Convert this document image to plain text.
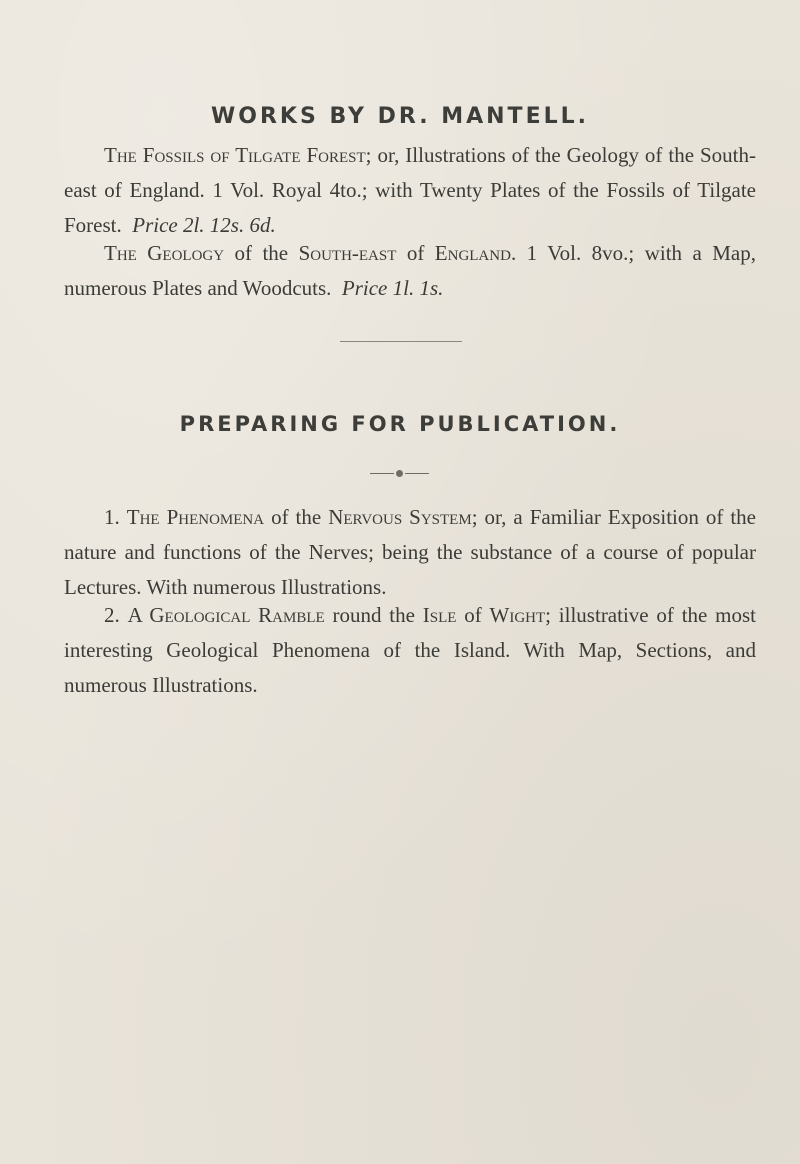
WORKS BY DR. MANTELL.
The Fossils of Tilgate Forest; or, Illustrations of the Geology of the South-east of England. 1 Vol. Royal 4to.; with Twenty Plates of the Fossils of Tilgate Forest. Price 2l. 12s. 6d.
The Geology of the South-east of England. 1 Vol. 8vo.; with a Map, numerous Plates and Woodcuts. Price 1l. 1s.
PREPARING FOR PUBLICATION.
1. The Phenomena of the Nervous System; or, a Familiar Exposition of the nature and functions of the Nerves; being the substance of a course of popular Lectures. With numerous Illustrations.
2. A Geological Ramble round the Isle of Wight; illustrative of the most interesting Geological Phenomena of the Island. With Map, Sections, and numerous Illustrations.
